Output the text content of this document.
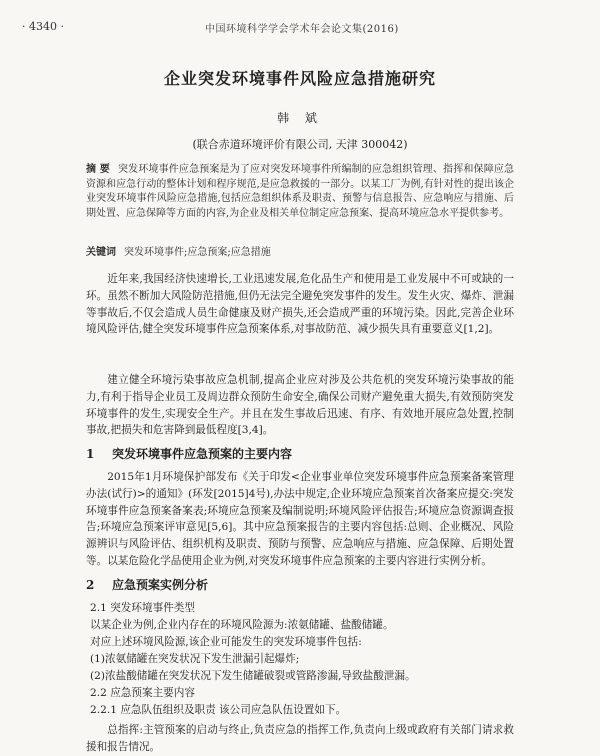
· 4340 ·	中国环境科学学会学术年会论文集(2016)
企业突发环境事件风险应急措施研究
韩 斌
(联合赤道环境评价有限公司, 天津 300042)
摘 要 突发环境事件应急预案是为了应对突发环境事件所编制的应急组织管理、指挥和保障应急资源和应急行动的整体计划和程序规范,是应急救援的一部分。以某工厂为例,有针对性的提出该企业突发环境事件风险应急措施,包括应急组织体系及职责、预警与信息报告、应急响应与措施、后期处置、应急保障等方面的内容,为企业及相关单位制定应急预案、提高环境应急水平提供参考。
关键词 突发环境事件;应急预案;应急措施
近年来,我国经济快速增长,工业迅速发展,危化品生产和使用是工业发展中不可或缺的一环。虽然不断加大风险防范措施,但仍无法完全避免突发事件的发生。发生火灾、爆炸、泄漏等事故后,不仅会造成人员生命健康及财产损失,还会造成严重的环境污染。因此,完善企业环境风险评估,健全突发环境事件应急预案体系,对事故防范、减少损失具有重要意义[1,2]。
建立健全环境污染事故应急机制,提高企业应对涉及公共危机的突发环境污染事故的能力,有利于指导企业员工及周边群众预防生命安全,确保公司财产避免重大损失,有效预防突发环境事件的发生,实现安全生产。并且在发生事故后迅速、有序、有效地开展应急处置,控制事故,把损失和危害降到最低程度[3,4]。
1 突发环境事件应急预案的主要内容
2015年1月环境保护部发布《关于印发<企业事业单位突发环境事件应急预案备案管理办法(试行)>的通知》(环发[2015]4号),办法中规定,企业环境应急预案首次备案应提交:突发环境事件应急预案备案表;环境应急预案及编制说明;环境风险评估报告;环境应急资源调查报告;环境应急预案评审意见[5,6]。其中应急预案报告的主要内容包括:总则、企业概况、风险源辨识与风险评估、组织机构及职责、预防与预警、应急响应与措施、应急保障、后期处置等。 以某危险化学品使用企业为例,对突发环境事件应急预案的主要内容进行实例分析。
2 应急预案实例分析
2.1 突发环境事件类型
以某企业为例,企业内存在的环境风险源为:浓氨储罐、盐酸储罐。
对应上述环境风险源,该企业可能发生的突发环境事件包括:
(1)浓氨储罐在突发状况下发生泄漏引起爆炸;
(2)浓盐酸储罐在突发状况下发生储罐破裂或管路渗漏,导致盐酸泄漏。
2.2 应急预案主要内容
2.2.1 应急队伍组织及职责 该公司应急队伍设置如下。
总指挥:主管预案的启动与终止,负责应急的指挥工作,负责向上级或政府有关部门请求救援和报告情况。
